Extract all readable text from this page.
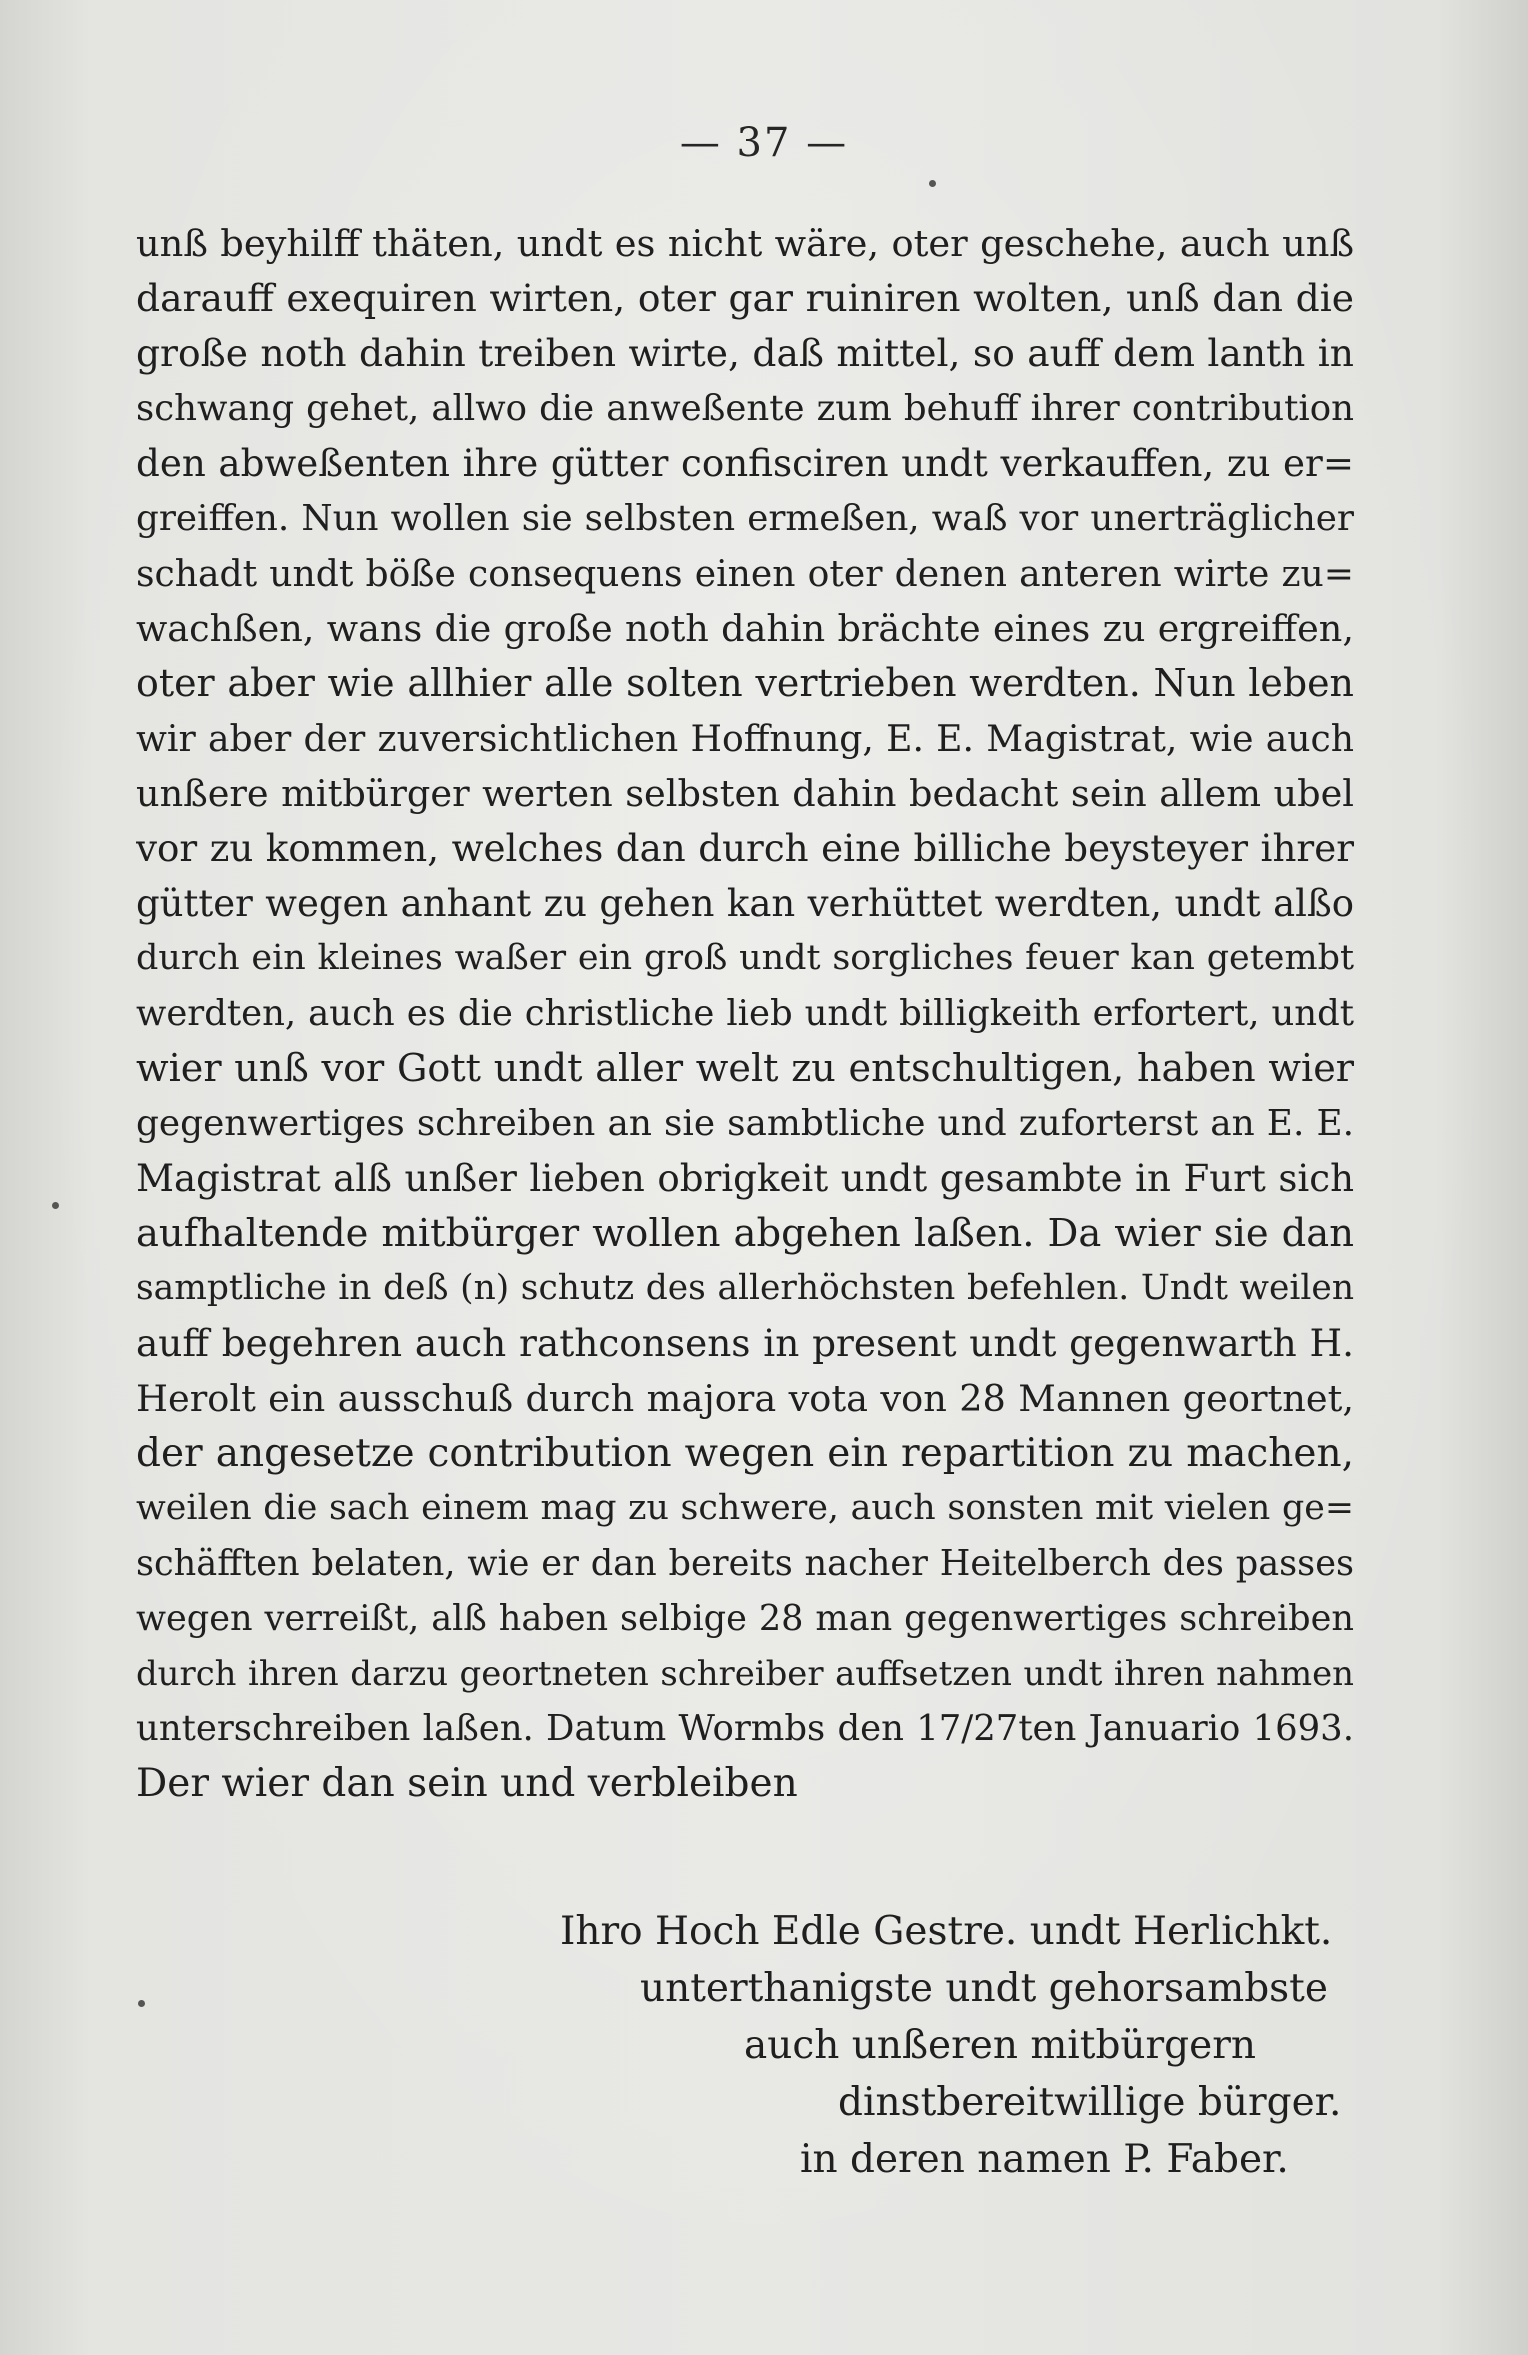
— 37 —
unß beyhilff thäten, undt es nicht wäre, oter geschehe, auch unß
darauff exequiren wirten, oter gar ruiniren wolten, unß dan die
große noth dahin treiben wirte, daß mittel, so auff dem lanth in
schwang gehet, allwo die anweßente zum behuff ihrer contribution
den abweßenten ihre gütter confisciren undt verkauffen, zu er=
greiffen. Nun wollen sie selbsten ermeßen, waß vor unerträglicher
schadt undt böße consequens einen oter denen anteren wirte zu=
wachßen, wans die große noth dahin brächte eines zu ergreiffen,
oter aber wie allhier alle solten vertrieben werdten. Nun leben
wir aber der zuversichtlichen Hoffnung, E. E. Magistrat, wie auch
unßere mitbürger werten selbsten dahin bedacht sein allem ubel
vor zu kommen, welches dan durch eine billiche beysteyer ihrer
gütter wegen anhant zu gehen kan verhüttet werdten, undt alßo
durch ein kleines waßer ein groß undt sorgliches feuer kan getembt
werdten, auch es die christliche lieb undt billigkeith erfortert, undt
wier unß vor Gott undt aller welt zu entschultigen, haben wier
gegenwertiges schreiben an sie sambtliche und zuforterst an E. E.
Magistrat alß unßer lieben obrigkeit undt gesambte in Furt sich
aufhaltende mitbürger wollen abgehen laßen. Da wier sie dan
samptliche in deß (n) schutz des allerhöchsten befehlen. Undt weilen
auff begehren auch rathconsens in present undt gegenwarth H.
Herolt ein ausschuß durch majora vota von 28 Mannen geortnet,
der angesetze contribution wegen ein repartition zu machen,
weilen die sach einem mag zu schwere, auch sonsten mit vielen ge=
schäfften belaten, wie er dan bereits nacher Heitelberch des passes
wegen verreißt, alß haben selbige 28 man gegenwertiges schreiben
durch ihren darzu geortneten schreiber auffsetzen undt ihren nahmen
unterschreiben laßen. Datum Wormbs den 17/27ten Januario 1693.
Der wier dan sein und verbleiben
Ihro Hoch Edle Gestre. undt Herlichkt.
unterthanigste undt gehorsambste
auch unßeren mitbürgern
dinstbereitwillige bürger.
in deren namen P. Faber.
